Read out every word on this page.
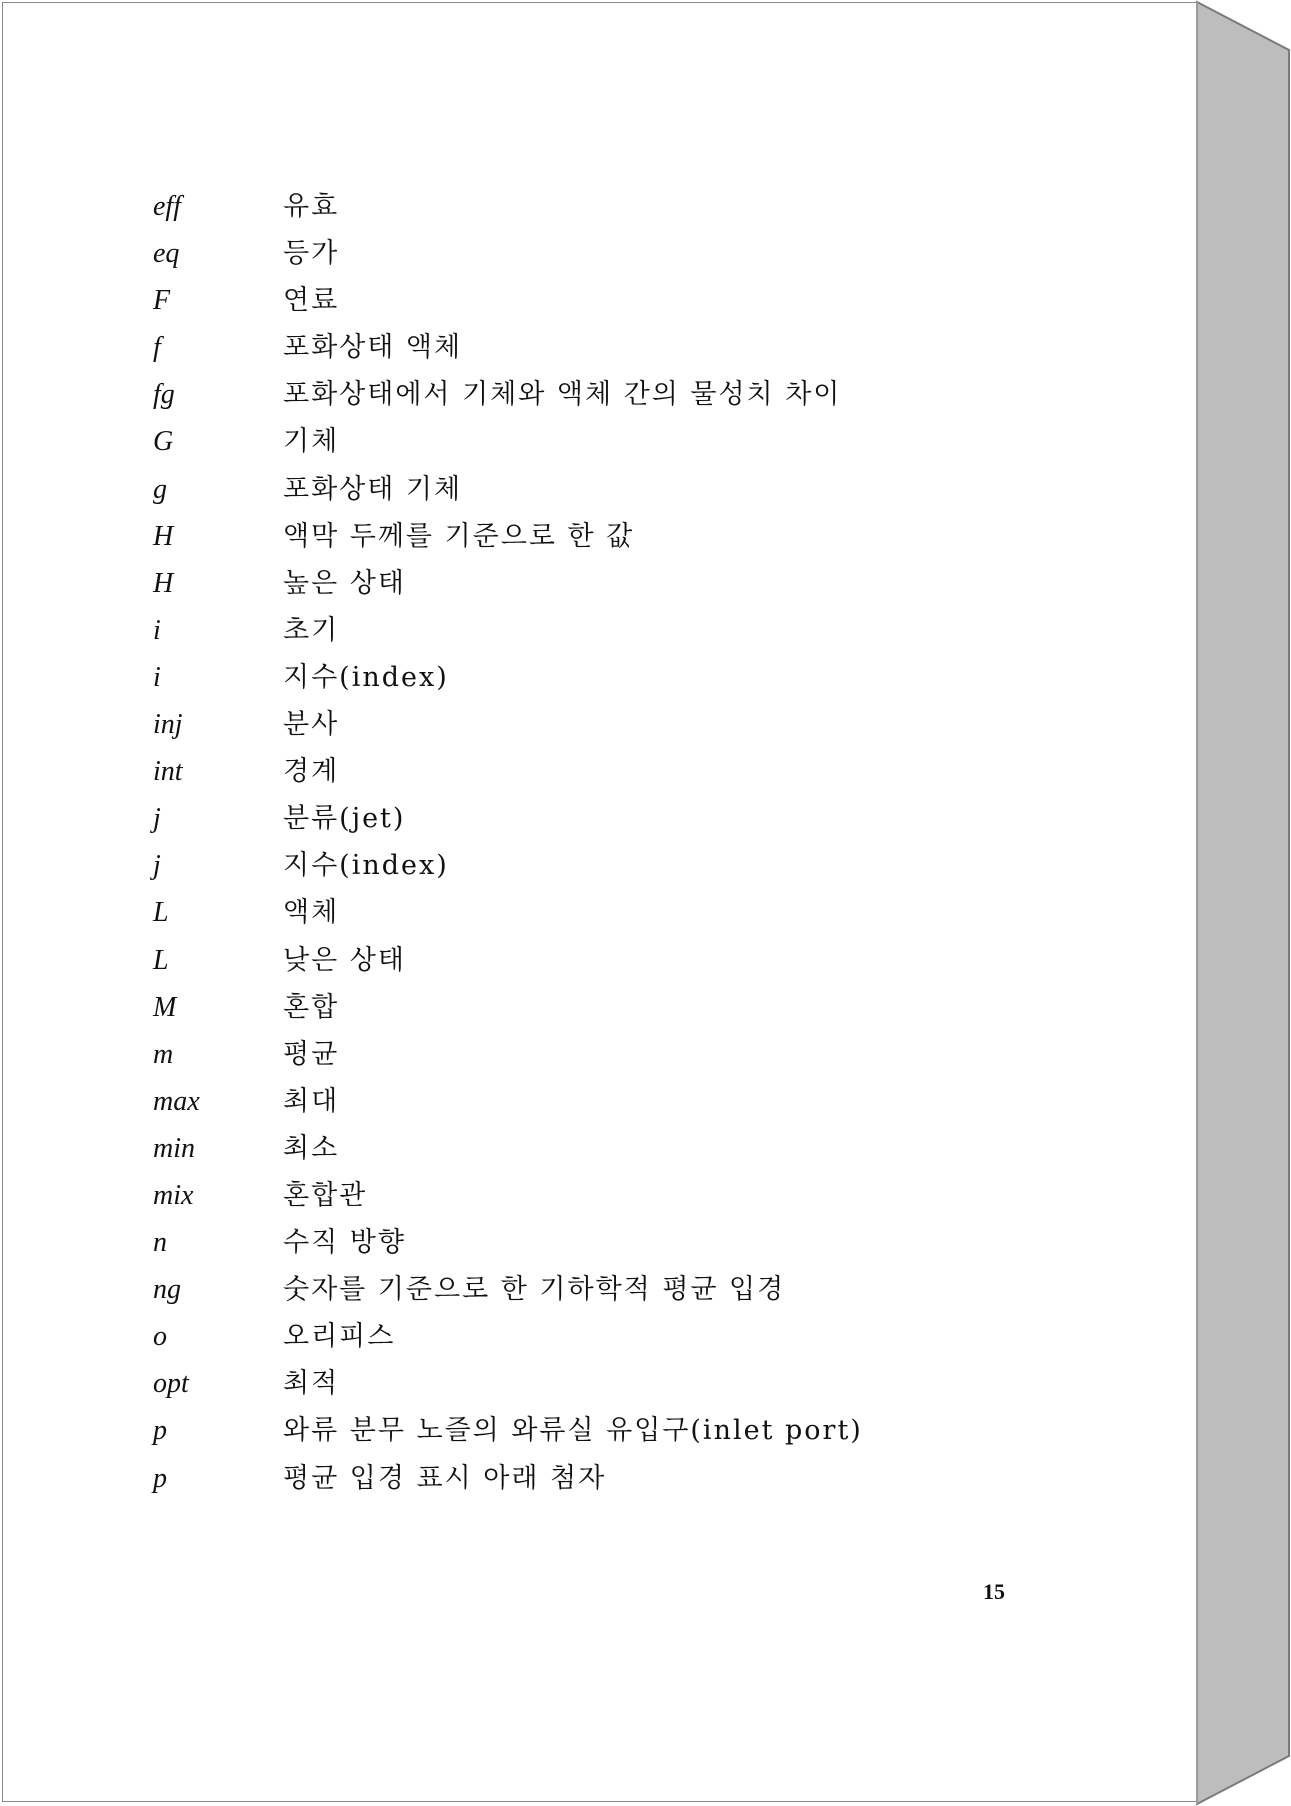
eff	유효
eq	등가
F	연료
f	포화상태 액체
fg	포화상태에서 기체와 액체 간의 물성치 차이
G	기체
g	포화상태 기체
H	액막 두께를 기준으로 한 값
H	높은 상태
i	초기
i	지수(index)
inj	분사
int	경계
j	분류(jet)
j	지수(index)
L	액체
L	낮은 상태
M	혼합
m	평균
max	최대
min	최소
mix	혼합관
n	수직 방향
ng	숫자를 기준으로 한 기하학적 평균 입경
o	오리피스
opt	최적
p	와류 분무 노즐의 와류실 유입구(inlet port)
p	평균 입경 표시 아래 첨자
15
